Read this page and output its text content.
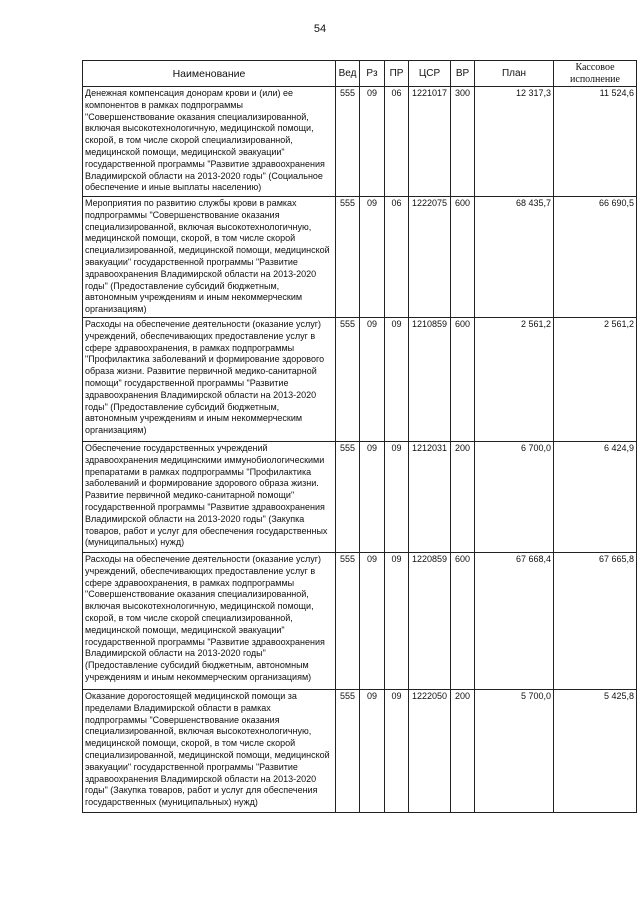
54
Наименование	Вед	Рз	ПР	ЦСР	ВР	План	Кассовое исполнение
Денежная компенсация донорам крови и (или) ее компонентов в рамках подпрограммы "Совершенствование оказания специализированной, включая высокотехнологичную, медицинской помощи, скорой, в том числе скорой специализированной, медицинской помощи, медицинской эвакуации" государственной программы "Развитие здравоохранения Владимирской области на 2013-2020 годы" (Социальное обеспечение и иные выплаты населению)	555	09	06	1221017	300	12 317,3	11 524,6
Мероприятия по развитию службы крови в рамках подпрограммы "Совершенствование оказания специализированной, включая высокотехнологичную, медицинской помощи, скорой, в том числе скорой специализированной, медицинской помощи, медицинской эвакуации" государственной программы "Развитие здравоохранения Владимирской области на 2013-2020 годы" (Предоставление субсидий бюджетным, автономным учреждениям и иным некоммерческим организациям)	555	09	06	1222075	600	68 435,7	66 690,5
Расходы на обеспечение деятельности (оказание услуг) учреждений, обеспечивающих предоставление услуг в сфере здравоохранения, в рамках подпрограммы "Профилактика заболеваний и формирование здорового образа жизни. Развитие первичной медико-санитарной помощи" государственной программы "Развитие здравоохранения Владимирской области на 2013-2020 годы" (Предоставление субсидий бюджетным, автономным учреждениям и иным некоммерческим организациям)	555	09	09	1210859	600	2 561,2	2 561,2
Обеспечение государственных учреждений здравоохранения медицинскими иммунобиологическими препаратами в рамках подпрограммы "Профилактика заболеваний и формирование здорового образа жизни. Развитие первичной медико-санитарной помощи" государственной программы "Развитие здравоохранения Владимирской области на 2013-2020 годы" (Закупка товаров, работ и услуг для обеспечения государственных (муниципальных) нужд)	555	09	09	1212031	200	6 700,0	6 424,9
Расходы на обеспечение деятельности (оказание услуг) учреждений, обеспечивающих предоставление услуг в сфере здравоохранения, в рамках подпрограммы "Совершенствование оказания специализированной, включая высокотехнологичную, медицинской помощи, скорой, в том числе скорой специализированной, медицинской помощи, медицинской эвакуации" государственной программы "Развитие здравоохранения Владимирской области на 2013-2020 годы" (Предоставление субсидий бюджетным, автономным учреждениям и иным некоммерческим организациям)	555	09	09	1220859	600	67 668,4	67 665,8
Оказание дорогостоящей медицинской помощи за пределами Владимирской области в рамках подпрограммы "Совершенствование оказания специализированной, включая высокотехнологичную, медицинской помощи, скорой, в том числе скорой специализированной, медицинской помощи, медицинской эвакуации" государственной программы "Развитие здравоохранения Владимирской области на 2013-2020 годы" (Закупка товаров, работ и услуг для обеспечения государственных (муниципальных) нужд)	555	09	09	1222050	200	5 700,0	5 425,8
